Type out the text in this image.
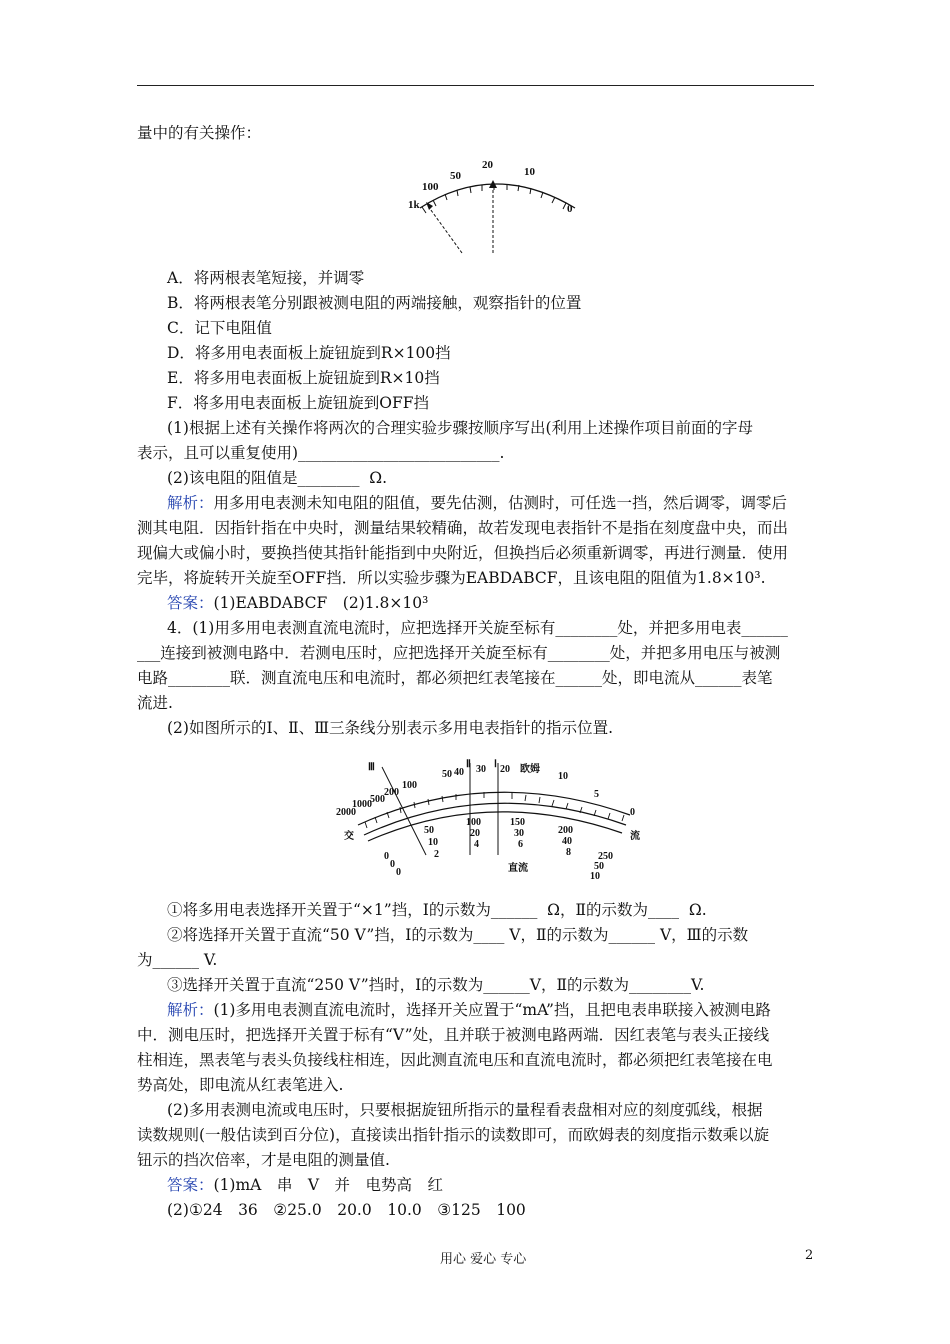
量中的有关操作：
1k
100
50
20
10
0
A．将两根表笔短接，并调零
B．将两根表笔分别跟被测电阻的两端接触，观察指针的位置
C．记下电阻值
D．将多用电表面板上旋钮旋到R×100挡
E．将多用电表面板上旋钮旋到R×10挡
F．将多用电表面板上旋钮旋到OFF挡
(1)根据上述有关操作将两次的合理实验步骤按顺序写出(利用上述操作项目前面的字母
表示，且可以重复使用)__________________________.
(2)该电阻的阻值是________  Ω.
解析：用多用电表测未知电阻的阻值，要先估测，估测时，可任选一挡，然后调零，调零后
测其电阻．因指针指在中央时，测量结果较精确，故若发现电表指针不是指在刻度盘中央，而出
现偏大或偏小时，要换挡使其指针能指到中央附近，但换挡后必须重新调零，再进行测量．使用
完毕，将旋转开关旋至OFF挡．所以实验步骤为EABDABCF，且该电阻的阻值为1.8×10³.
答案：(1)EABDABCF　(2)1.8×10³
4．(1)用多用电表测直流电流时，应把选择开关旋至标有________处，并把多用电表______
___连接到被测电路中．若测电压时，应把选择开关旋至标有________处，并把多用电压与被测
电路________联．测直流电压和电流时，都必须把红表笔接在______处，即电流从______表笔
流进.
(2)如图所示的Ⅰ、Ⅱ、Ⅲ三条线分别表示多用电表指针的指示位置.
Ⅲ	Ⅱ Ⅰ
2000
1000
500
200
100
50 40 30 20 欧姆
10
5
0
交	流
直流
0
0
0
50
10
2
100
20
4
150
30
6
200
40
8	250
50
10
①将多用电表选择开关置于“×1”挡，Ⅰ的示数为______  Ω，Ⅱ的示数为____  Ω.
②将选择开关置于直流“50 V”挡，Ⅰ的示数为____ V，Ⅱ的示数为______ V，Ⅲ的示数
为______ V.
③选择开关置于直流“250 V”挡时，Ⅰ的示数为______V，Ⅱ的示数为________V.
解析：(1)多用电表测直流电流时，选择开关应置于“mA”挡，且把电表串联接入被测电路
中．测电压时，把选择开关置于标有“V”处，且并联于被测电路两端．因红表笔与表头正接线
柱相连，黑表笔与表头负接线柱相连，因此测直流电压和直流电流时，都必须把红表笔接在电
势高处，即电流从红表笔进入.
(2)多用表测电流或电压时，只要根据旋钮所指示的量程看表盘相对应的刻度弧线，根据
读数规则(一般估读到百分位)，直接读出指针指示的读数即可，而欧姆表的刻度指示数乘以旋
钮示的挡次倍率，才是电阻的测量值.
答案：(1)mA　串　V　并　电势高　红
(2)①24　36　②25.0　20.0　10.0　③125　100
用心 爱心 专心	2
